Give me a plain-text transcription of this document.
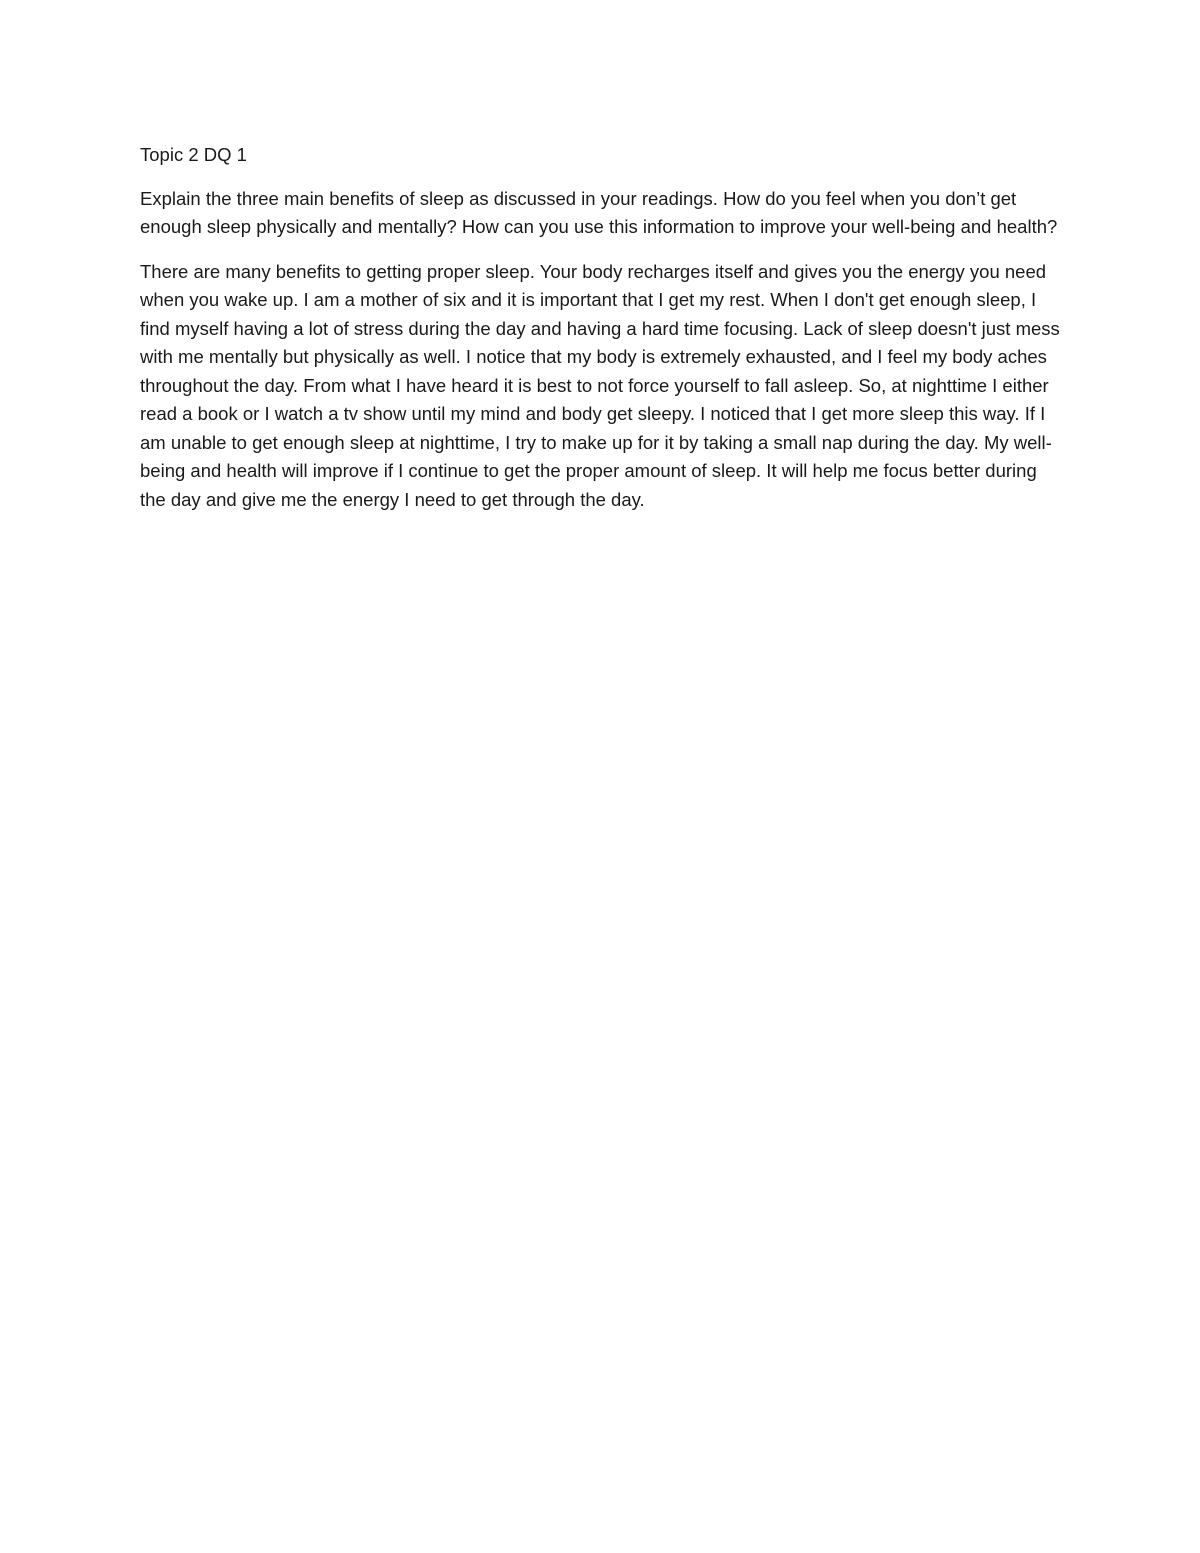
Topic 2 DQ 1

Explain the three main benefits of sleep as discussed in your readings. How do you feel when you don’t get enough sleep physically and mentally? How can you use this information to improve your well-being and health?

There are many benefits to getting proper sleep. Your body recharges itself and gives you the energy you need when you wake up. I am a mother of six and it is important that I get my rest. When I don't get enough sleep, I find myself having a lot of stress during the day and having a hard time focusing. Lack of sleep doesn't just mess with me mentally but physically as well. I notice that my body is extremely exhausted, and I feel my body aches throughout the day. From what I have heard it is best to not force yourself to fall asleep. So, at nighttime I either read a book or I watch a tv show until my mind and body get sleepy. I noticed that I get more sleep this way. If I am unable to get enough sleep at nighttime, I try to make up for it by taking a small nap during the day. My well-being and health will improve if I continue to get the proper amount of sleep. It will help me focus better during the day and give me the energy I need to get through the day.
